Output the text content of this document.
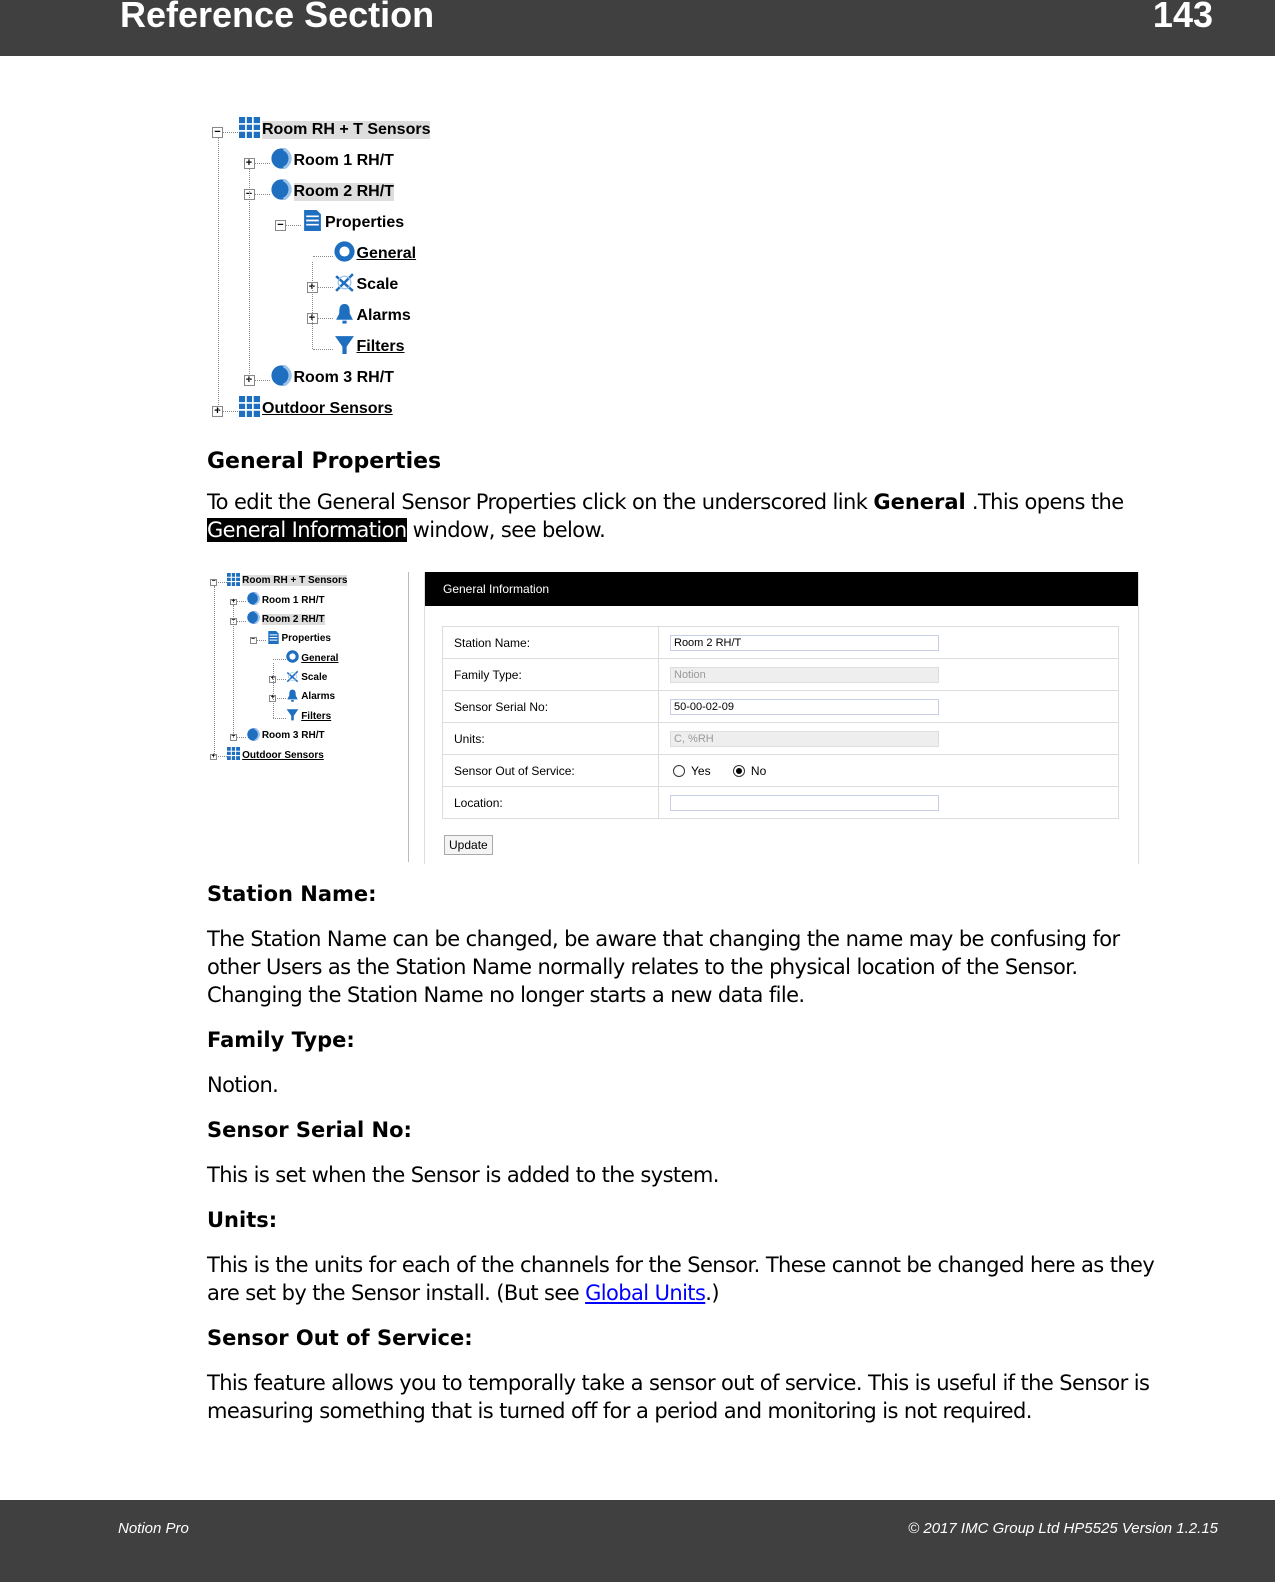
Reference Section	143
Room RH + T Sensors
−
Room 1 RH/T
+
Room 2 RH/T
−
Properties
−
General
Scale
+
Alarms
+
Filters
Room 3 RH/T
+
Outdoor Sensors
+
General Properties
To edit the General Sensor Properties click on the underscored link General .This opens the General Information window, see below.
Room RH + T Sensors
−
Room 1 RH/T
+
Room 2 RH/T
−
Properties
−
General
Scale
+
Alarms
+
Filters
Room 3 RH/T
+
Outdoor Sensors
+
General Information
Station Name:	Room 2 RH/T

Family Type:	Notion

Sensor Serial No:	50-00-02-09

Units:	C, %RH

Sensor Out of Service:	Yes No
Location:	
Update
Station Name:
The Station Name can be changed, be aware that changing the name may be confusing for other Users as the Station Name normally relates to the physical location of the Sensor. Changing the Station Name no longer starts a new data file.
Family Type:
Notion.
Sensor Serial No:
This is set when the Sensor is added to the system.
Units:
This is the units for each of the channels for the Sensor. These cannot be changed here as they are set by the Sensor install. (But see Global Units.)
Sensor Out of Service:
This feature allows you to temporally take a sensor out of service. This is useful if the Sensor is measuring something that is turned off for a period and monitoring is not required.
Notion Pro	© 2017 IMC Group Ltd HP5525 Version 1.2.15
